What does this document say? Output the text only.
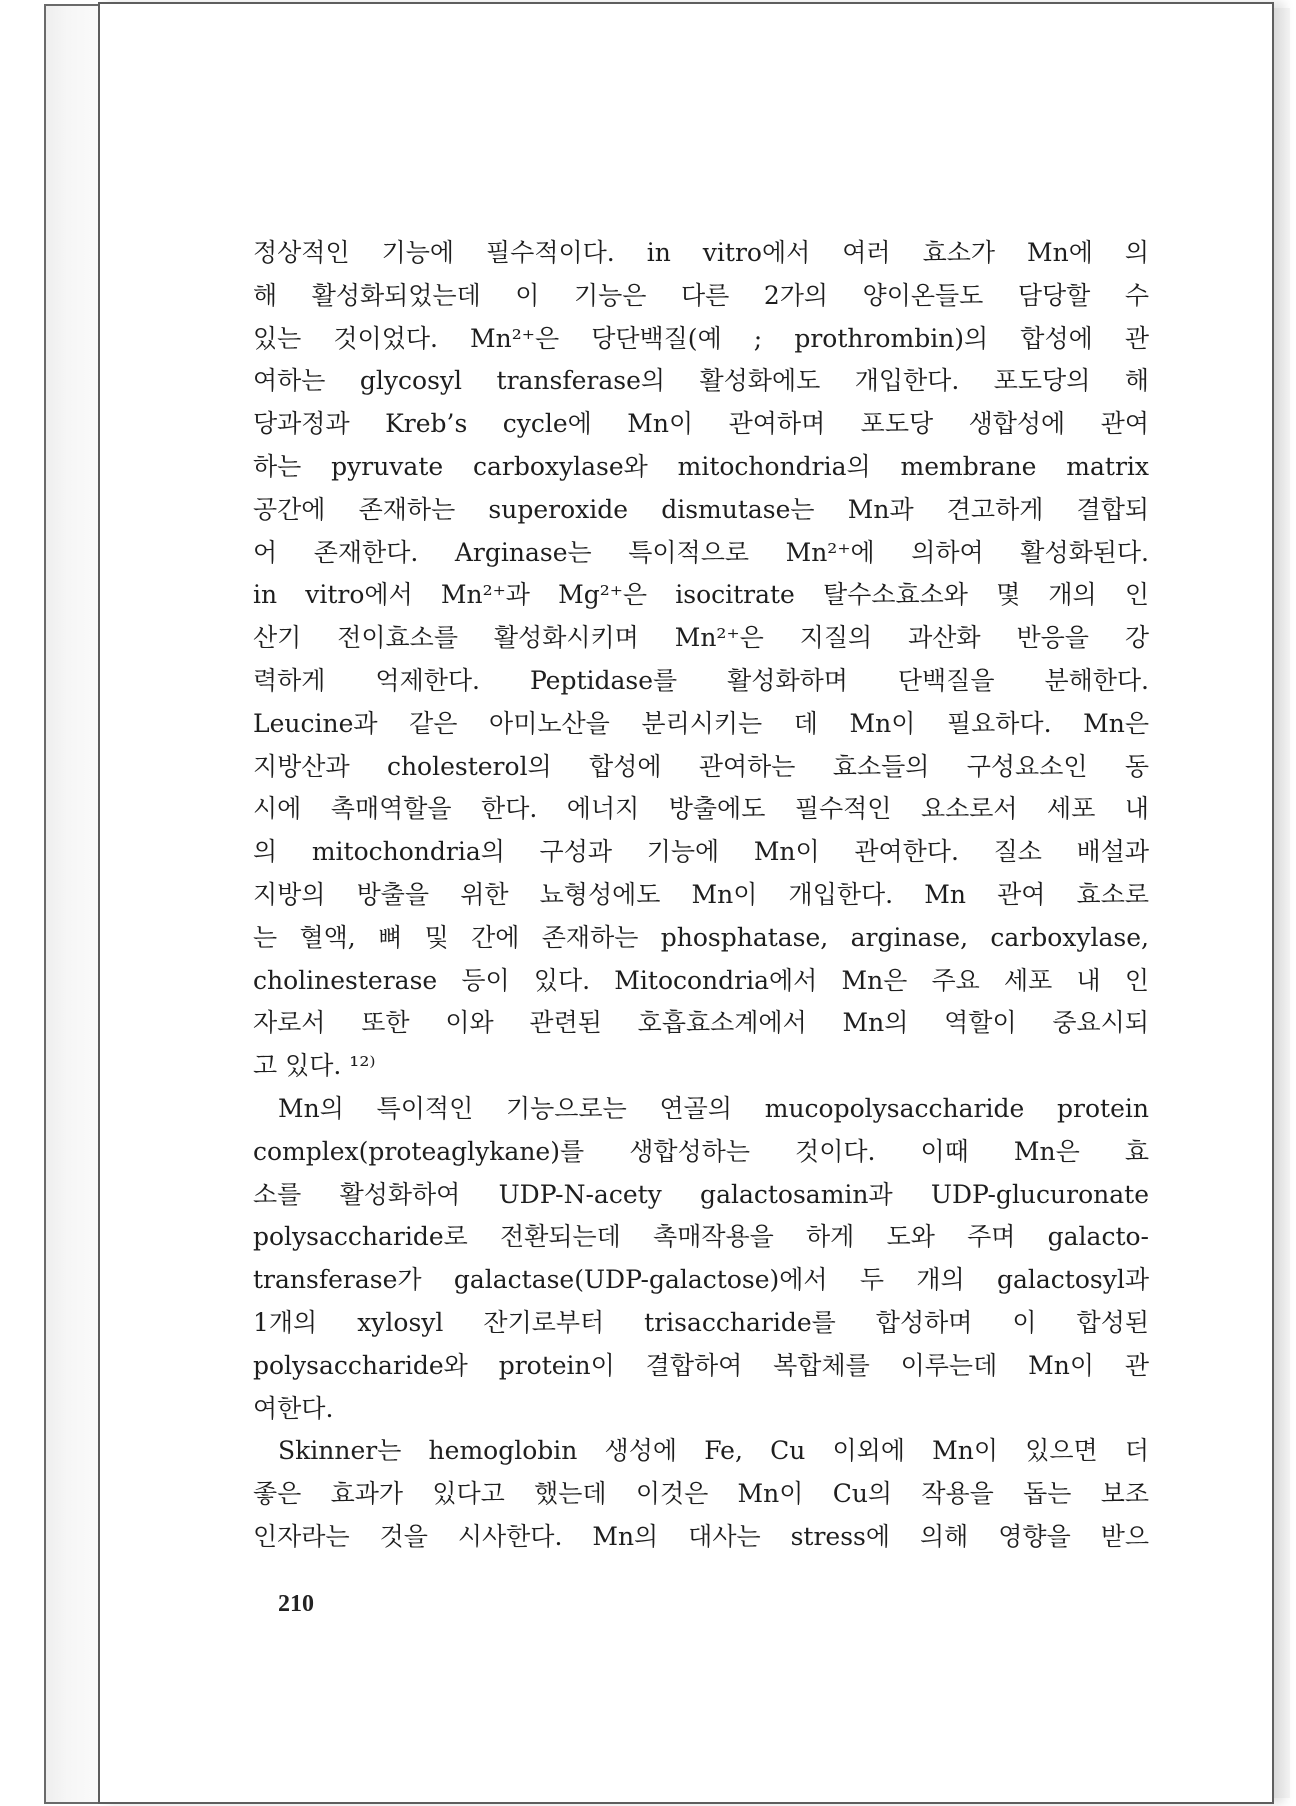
정상적인 기능에 필수적이다. in vitro에서 여러 효소가 Mn에 의
해 활성화되었는데 이 기능은 다른 2가의 양이온들도 담당할 수
있는 것이었다. Mn²⁺은 당단백질(예 ; prothrombin)의 합성에 관
여하는 glycosyl transferase의 활성화에도 개입한다. 포도당의 해
당과정과 Kreb’s cycle에 Mn이 관여하며 포도당 생합성에 관여
하는 pyruvate carboxylase와 mitochondria의 membrane matrix
공간에 존재하는 superoxide dismutase는 Mn과 견고하게 결합되
어 존재한다. Arginase는 특이적으로 Mn²⁺에 의하여 활성화된다.
in vitro에서 Mn²⁺과 Mg²⁺은 isocitrate 탈수소효소와 몇 개의 인
산기 전이효소를 활성화시키며 Mn²⁺은 지질의 과산화 반응을 강
력하게 억제한다. Peptidase를 활성화하며 단백질을 분해한다.
Leucine과 같은 아미노산을 분리시키는 데 Mn이 필요하다. Mn은
지방산과 cholesterol의 합성에 관여하는 효소들의 구성요소인 동
시에 촉매역할을 한다. 에너지 방출에도 필수적인 요소로서 세포 내
의 mitochondria의 구성과 기능에 Mn이 관여한다. 질소 배설과
지방의 방출을 위한 뇨형성에도 Mn이 개입한다. Mn 관여 효소로
는 혈액, 뼈 및 간에 존재하는 phosphatase, arginase, carboxylase,
cholinesterase 등이 있다. Mitocondria에서 Mn은 주요 세포 내 인
자로서 또한 이와 관련된 호흡효소계에서 Mn의 역할이 중요시되
고 있다. ¹²⁾
Mn의 특이적인 기능으로는 연골의 mucopolysaccharide protein
complex(proteaglykane)를 생합성하는 것이다. 이때 Mn은 효
소를 활성화하여 UDP-N-acety galactosamin과 UDP-glucuronate
polysaccharide로 전환되는데 촉매작용을 하게 도와 주며 galacto-
transferase가 galactase(UDP-galactose)에서 두 개의 galactosyl과
1개의 xylosyl 잔기로부터 trisaccharide를 합성하며 이 합성된
polysaccharide와 protein이 결합하여 복합체를 이루는데 Mn이 관
여한다.
Skinner는 hemoglobin 생성에 Fe, Cu 이외에 Mn이 있으면 더
좋은 효과가 있다고 했는데 이것은 Mn이 Cu의 작용을 돕는 보조
인자라는 것을 시사한다. Mn의 대사는 stress에 의해 영향을 받으
210
